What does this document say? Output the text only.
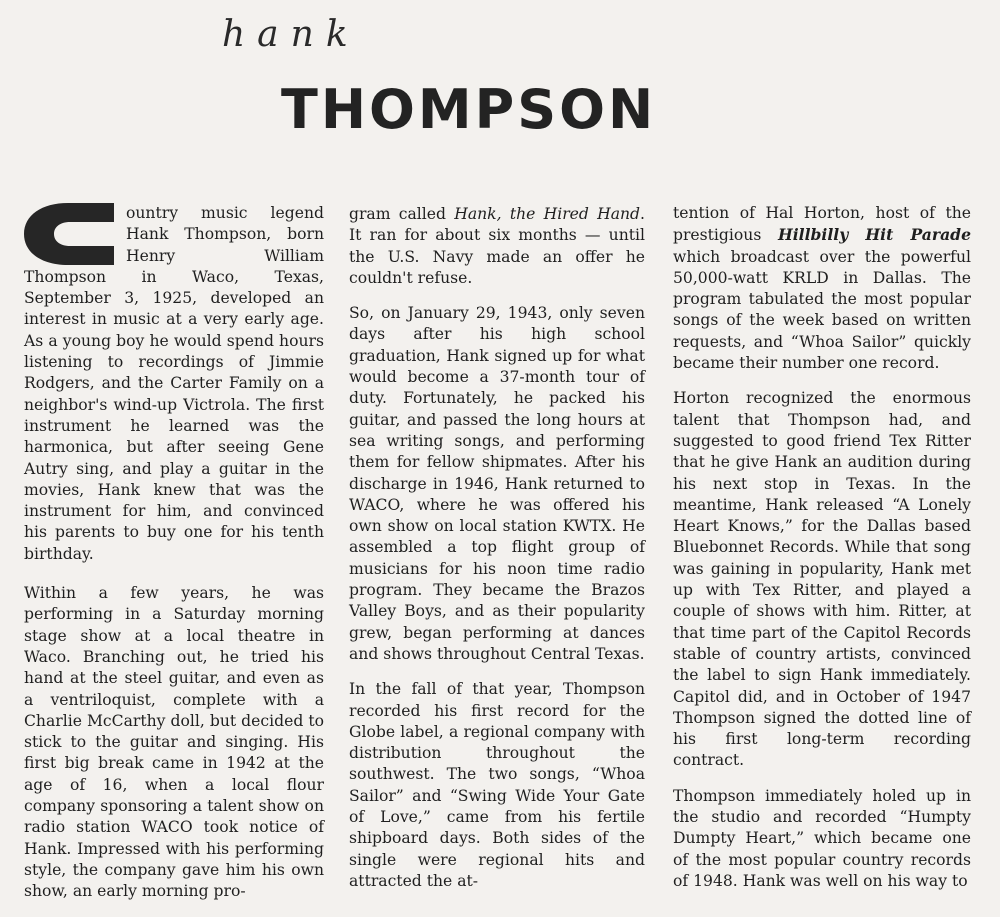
hank
THOMPSON

ountry music legend Hank Thompson, born Henry William Thompson in Waco, Texas, September 3, 1925, developed an interest in music at a very early age. As a young boy he would spend hours listening to recordings of Jimmie Rodgers, and the Carter Family on a neighbor's wind-up Victrola. The first instrument he learned was the harmonica, but after seeing Gene Autry sing, and play a guitar in the movies, Hank knew that was the instrument for him, and convinced his parents to buy one for his tenth birthday.

Within a few years, he was performing in a Saturday morning stage show at a local theatre in Waco. Branching out, he tried his hand at the steel guitar, and even as a ventriloquist, complete with a Charlie McCarthy doll, but decided to stick to the guitar and singing. His first big break came in 1942 at the age of 16, when a local flour company sponsoring a talent show on radio station WACO took notice of Hank. Impressed with his performing style, the company gave him his own show, an early morning pro-

gram called Hank, the Hired Hand. It ran for about six months — until the U.S. Navy made an offer he couldn't refuse.

So, on January 29, 1943, only seven days after his high school graduation, Hank signed up for what would become a 37-month tour of duty. Fortunately, he packed his guitar, and passed the long hours at sea writing songs, and performing them for fellow shipmates. After his discharge in 1946, Hank returned to WACO, where he was offered his own show on local station KWTX. He assembled a top flight group of musicians for his noon time radio program. They became the Brazos Valley Boys, and as their popularity grew, began performing at dances and shows throughout Central Texas.

In the fall of that year, Thompson recorded his first record for the Globe label, a regional company with distribution throughout the southwest. The two songs, “Whoa Sailor” and “Swing Wide Your Gate of Love,” came from his fertile shipboard days. Both sides of the single were regional hits and attracted the at-

tention of Hal Horton, host of the prestigious Hillbilly Hit Parade which broadcast over the powerful 50,000-watt KRLD in Dallas. The program tabulated the most popular songs of the week based on written requests, and “Whoa Sailor” quickly became their number one record.

Horton recognized the enormous talent that Thompson had, and suggested to good friend Tex Ritter that he give Hank an audition during his next stop in Texas. In the meantime, Hank released “A Lonely Heart Knows,” for the Dallas based Bluebonnet Records. While that song was gaining in popularity, Hank met up with Tex Ritter, and played a couple of shows with him. Ritter, at that time part of the Capitol Records stable of country artists, convinced the label to sign Hank immediately. Capitol did, and in October of 1947 Thompson signed the dotted line of his first long-term recording contract.

Thompson immediately holed up in the studio and recorded “Humpty Dumpty Heart,” which became one of the most popular country records of 1948. Hank was well on his way to
